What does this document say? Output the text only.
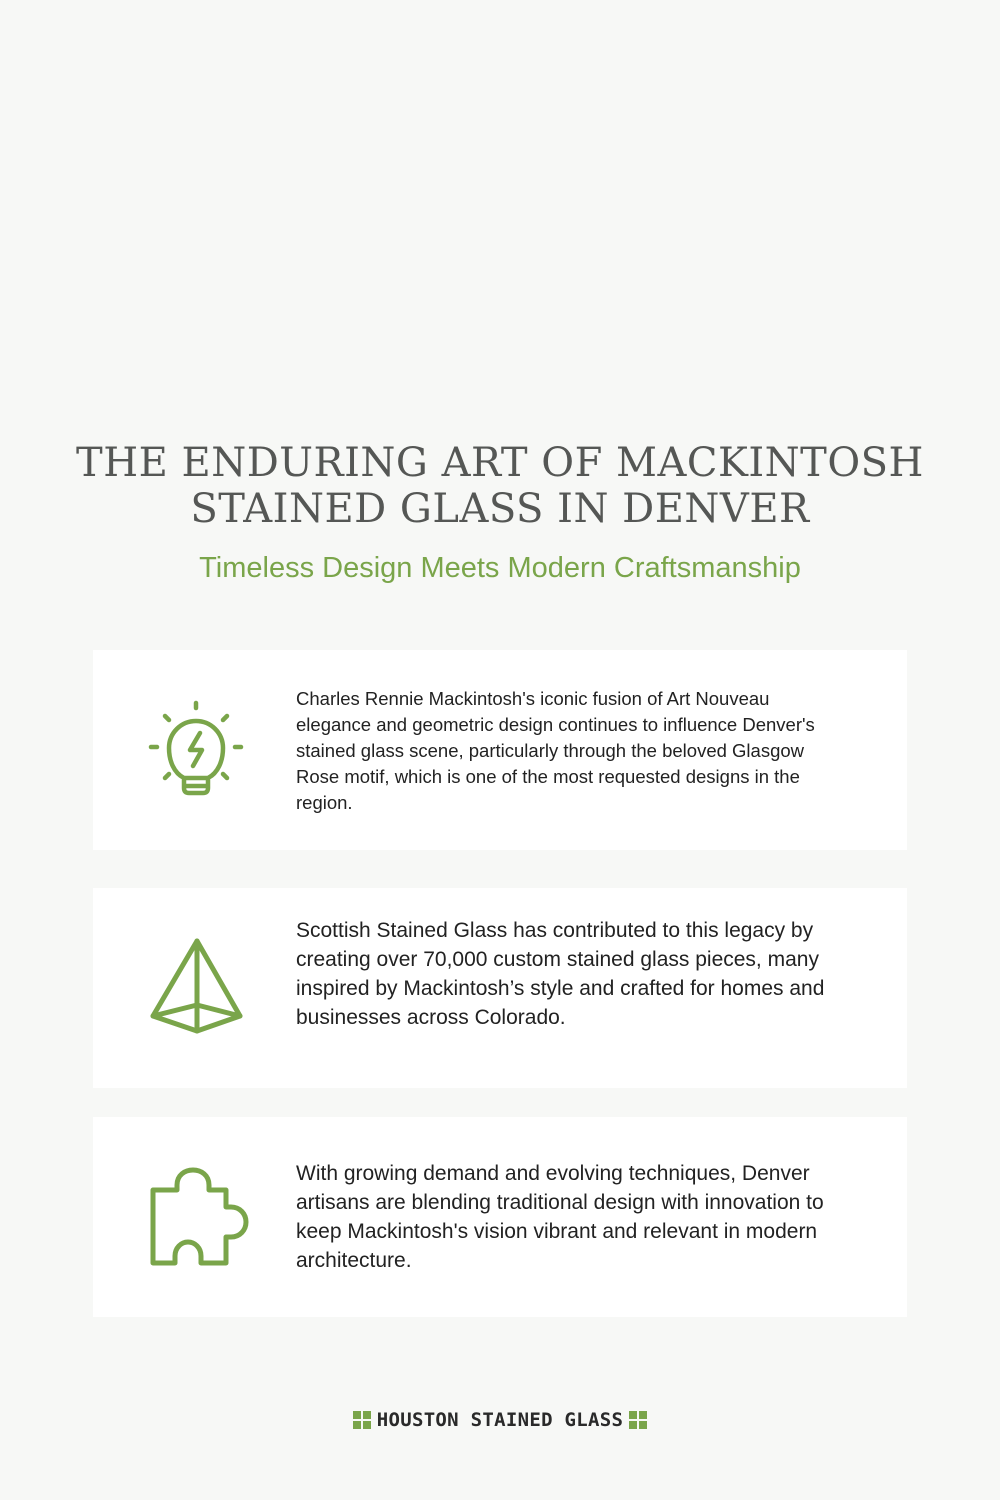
THE ENDURING ART OF MACKINTOSH
STAINED GLASS IN DENVER
Timeless Design Meets Modern Craftsmanship

Charles Rennie Mackintosh's iconic fusion of Art Nouveau elegance and geometric design continues to influence Denver's stained glass scene, particularly through the beloved Glasgow Rose motif, which is one of the most requested designs in the region.

Scottish Stained Glass has contributed to this legacy by creating over 70,000 custom stained glass pieces, many inspired by Mackintosh’s style and crafted for homes and businesses across Colorado.

With growing demand and evolving techniques, Denver artisans are blending traditional design with innovation to keep Mackintosh's vision vibrant and relevant in modern architecture.

HOUSTON STAINED GLASS
